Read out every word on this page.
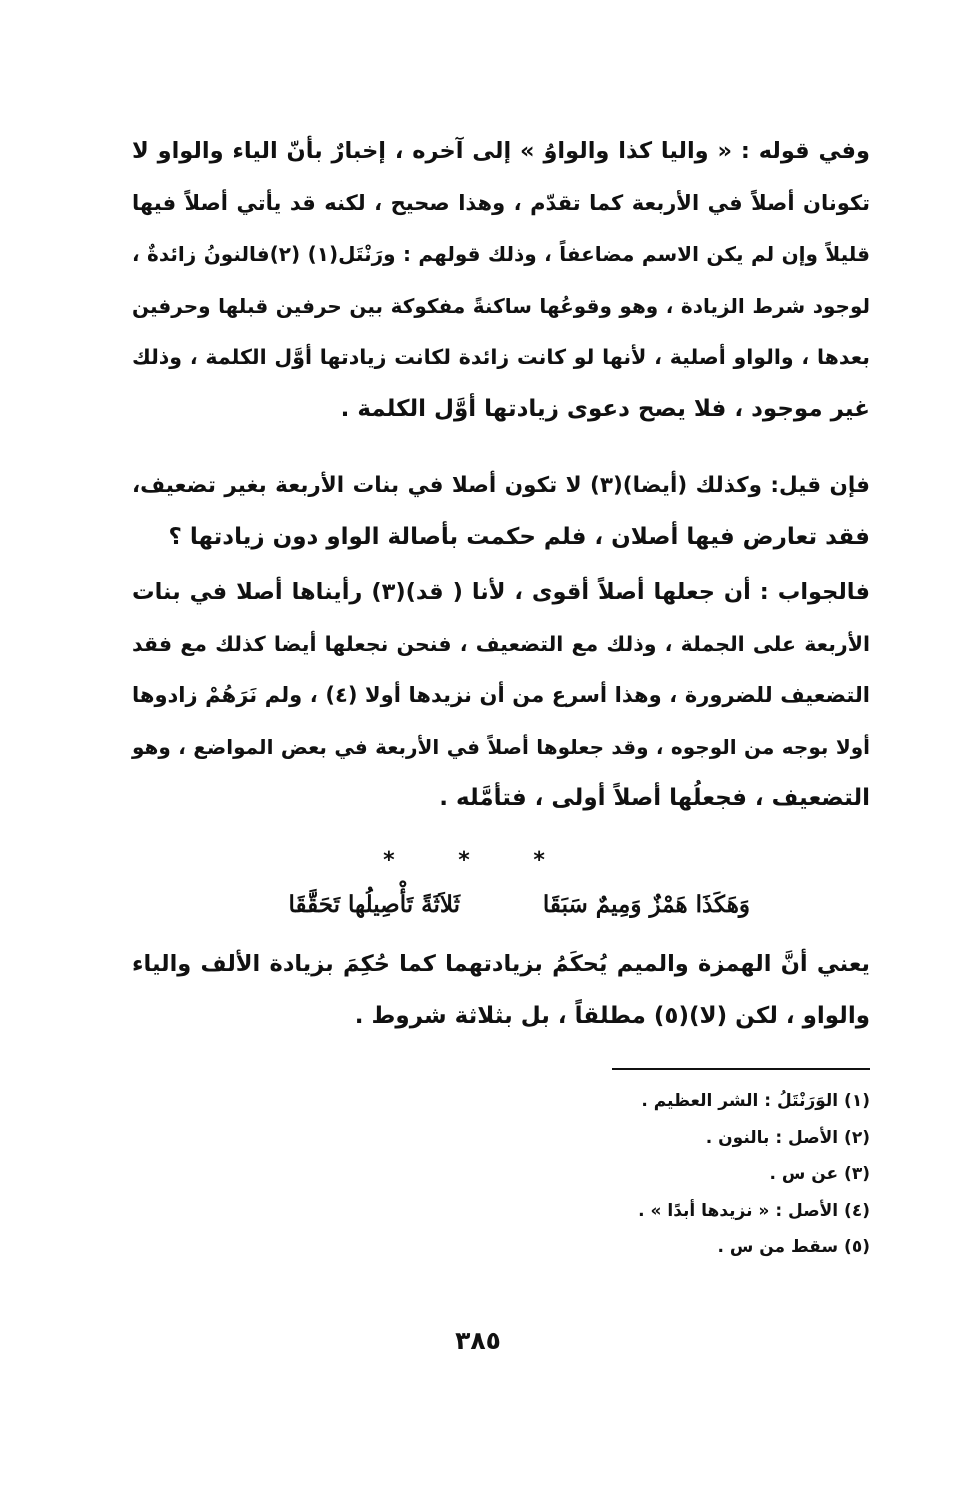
وفي قوله : « واليا كذا والواوُ » إلى آخره ، إخبارٌ بأنّ الياء والواو لا
تكونان أصلاً في الأربعة كما تقدّم ، وهذا صحيح ، لكنه قد يأتي أصلاً فيها
قليلاً وإن لم يكن الاسم مضاعفاً ، وذلك قولهم : ورَنْتَل(١) (٢)فالنونُ زائدةٌ ،
لوجود شرط الزيادة ، وهو وقوعُها ساكنةً مفكوكة بين حرفين قبلها وحرفين
بعدها ، والواو أصلية ، لأنها لو كانت زائدة لكانت زيادتها أوَّل الكلمة ، وذلك
غير موجود ، فلا يصح دعوى زيادتها أوَّل الكلمة .
فإن قيل: وكذلك (أيضا)(٣) لا تكون أصلا في بنات الأربعة بغير تضعيف،
فقد تعارض فيها أصلان ، فلم حكمت بأصالة الواو دون زيادتها ؟
فالجواب : أن جعلها أصلاً أقوى ، لأنا ( قد)(٣) رأيناها أصلا في بنات
الأربعة على الجملة ، وذلك مع التضعيف ، فنحن نجعلها أيضا كذلك مع فقد
التضعيف للضرورة ، وهذا أسرع من أن نزيدها أولا (٤) ، ولم نَرَهُمْ زادوها
أولا بوجه من الوجوه ، وقد جعلوها أصلاً في الأربعة في بعض المواضع ، وهو
التضعيف ، فجعلُها أصلاً أولى ، فتأمَّله .
* * *
وَهَكَذَا هَمْزٌ وَمِيمٌ سَبَقَا
ثَلاَثَةً تَأْصِيلُها تَحَقَّقَا
يعني أنَّ الهمزة والميم يُحكَمُ بزيادتهما كما حُكِمَ بزيادة الألف والياء
والواو ، لكن (لا)(٥) مطلقاً ، بل بثلاثة شروط .
(١) الوَرَنْتَلُ : الشر العظيم .
(٢) الأصل : بالنون .
(٣) عن س .
(٤) الأصل : « نزيدها أبدًا » .
(٥) سقط من س .
٣٨٥
